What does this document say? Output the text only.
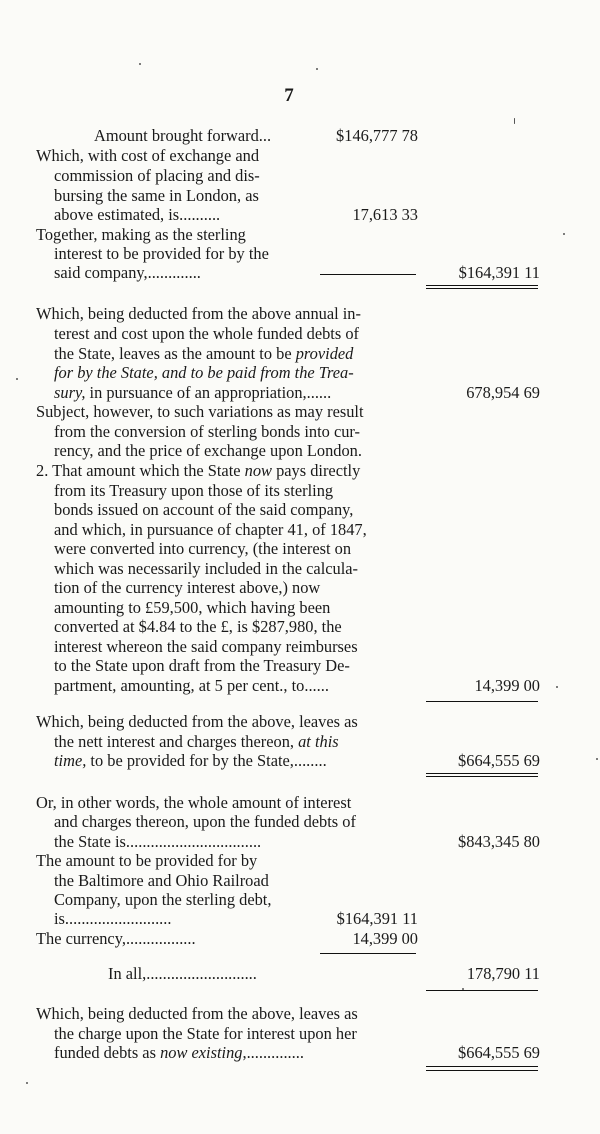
7
Amount brought forward...	$146,777 78
Which, with cost of exchange and
commission of placing and dis-
bursing the same in London, as
above estimated, is..........	17,613 33
Together, making as the sterling
interest to be provided for by the
said company,.............	$164,391 11
Which, being deducted from the above annual in-
terest and cost upon the whole funded debts of
the State, leaves as the amount to be provided
for by the State, and to be paid from the Trea-
sury, in pursuance of an appropriation,......	678,954 69
Subject, however, to such variations as may result
from the conversion of sterling bonds into cur-
rency, and the price of exchange upon London.
2. That amount which the State now pays directly
from its Treasury upon those of its sterling
bonds issued on account of the said company,
and which, in pursuance of chapter 41, of 1847,
were converted into currency, (the interest on
which was necessarily included in the calcula-
tion of the currency interest above,) now
amounting to £59,500, which having been
converted at $4.84 to the £, is $287,980, the
interest whereon the said company reimburses
to the State upon draft from the Treasury De-
partment, amounting, at 5 per cent., to......	14,399 00
Which, being deducted from the above, leaves as
the nett interest and charges thereon, at this
time, to be provided for by the State,........	$664,555 69
Or, in other words, the whole amount of interest
and charges thereon, upon the funded debts of
the State is.................................	$843,345 80
The amount to be provided for by
the Baltimore and Ohio Railroad
Company, upon the sterling debt,
is..........................	$164,391 11
The currency,.................	14,399 00
In all,...........................	178,790 11
Which, being deducted from the above, leaves as
the charge upon the State for interest upon her
funded debts as now existing,..............	$664,555 69
